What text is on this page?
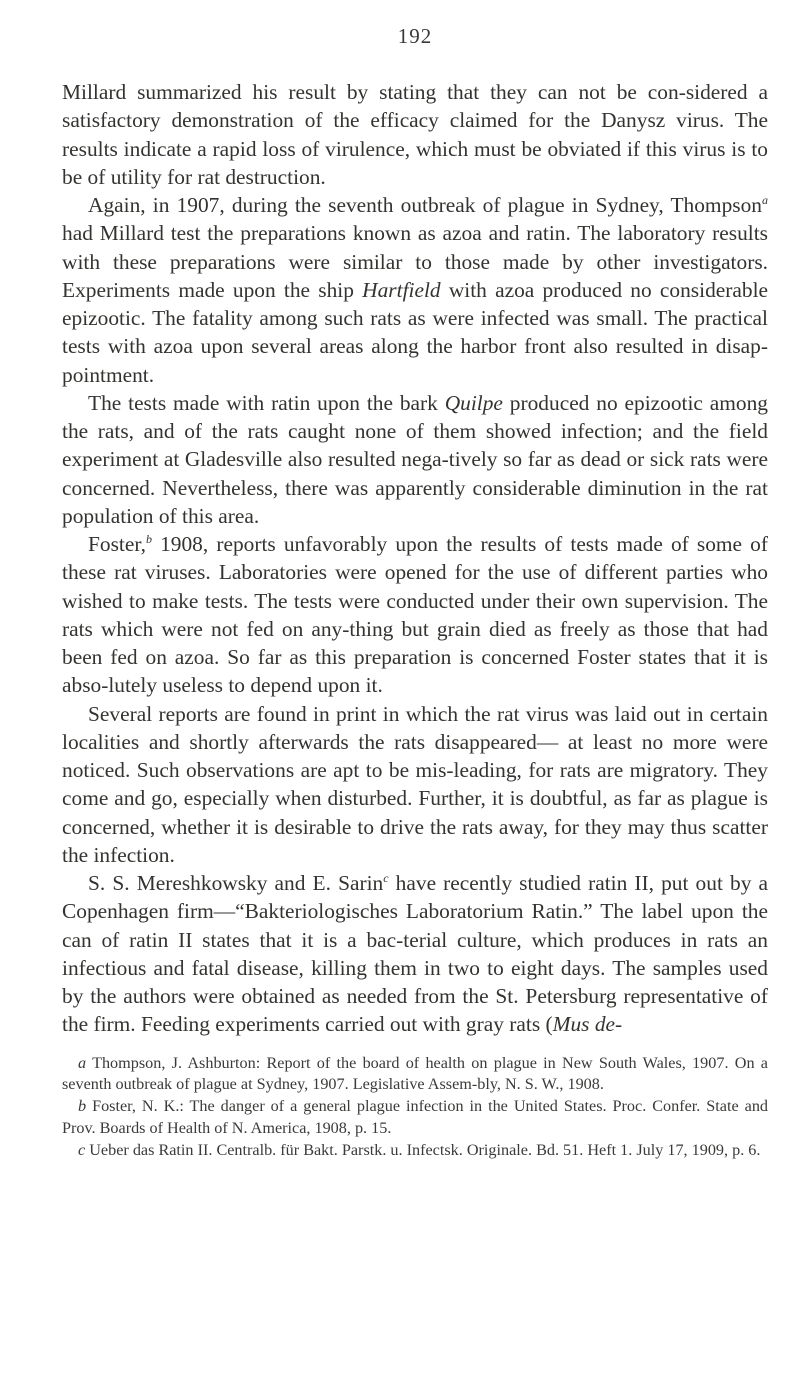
192

Millard summarized his result by stating that they can not be con-sidered a satisfactory demonstration of the efficacy claimed for the Danysz virus. The results indicate a rapid loss of virulence, which must be obviated if this virus is to be of utility for rat destruction.

Again, in 1907, during the seventh outbreak of plague in Sydney, Thompson$^a$ had Millard test the preparations known as azoa and ratin. The laboratory results with these preparations were similar to those made by other investigators. Experiments made upon the ship Hartfield with azoa produced no considerable epizootic. The fatality among such rats as were infected was small. The practical tests with azoa upon several areas along the harbor front also resulted in disap-pointment.

The tests made with ratin upon the bark Quilpe produced no epizootic among the rats, and of the rats caught none of them showed infection; and the field experiment at Gladesville also resulted nega-tively so far as dead or sick rats were concerned. Nevertheless, there was apparently considerable diminution in the rat population of this area.

Foster,$^b$ 1908, reports unfavorably upon the results of tests made of some of these rat viruses. Laboratories were opened for the use of different parties who wished to make tests. The tests were conducted under their own supervision. The rats which were not fed on any-thing but grain died as freely as those that had been fed on azoa. So far as this preparation is concerned Foster states that it is abso-lutely useless to depend upon it.

Several reports are found in print in which the rat virus was laid out in certain localities and shortly afterwards the rats disappeared— at least no more were noticed. Such observations are apt to be mis-leading, for rats are migratory. They come and go, especially when disturbed. Further, it is doubtful, as far as plague is concerned, whether it is desirable to drive the rats away, for they may thus scatter the infection.

S. S. Mereshkowsky and E. Sarin$^c$ have recently studied ratin II, put out by a Copenhagen firm—“Bakteriologisches Laboratorium Ratin.” The label upon the can of ratin II states that it is a bac-terial culture, which produces in rats an infectious and fatal disease, killing them in two to eight days. The samples used by the authors were obtained as needed from the St. Petersburg representative of the firm. Feeding experiments carried out with gray rats (Mus de-

a Thompson, J. Ashburton: Report of the board of health on plague in New South Wales, 1907. On a seventh outbreak of plague at Sydney, 1907. Legislative Assem-bly, N. S. W., 1908.

b Foster, N. K.: The danger of a general plague infection in the United States. Proc. Confer. State and Prov. Boards of Health of N. America, 1908, p. 15.

c Ueber das Ratin II. Centralb. für Bakt. Parstk. u. Infectsk. Originale. Bd. 51. Heft 1. July 17, 1909, p. 6.
